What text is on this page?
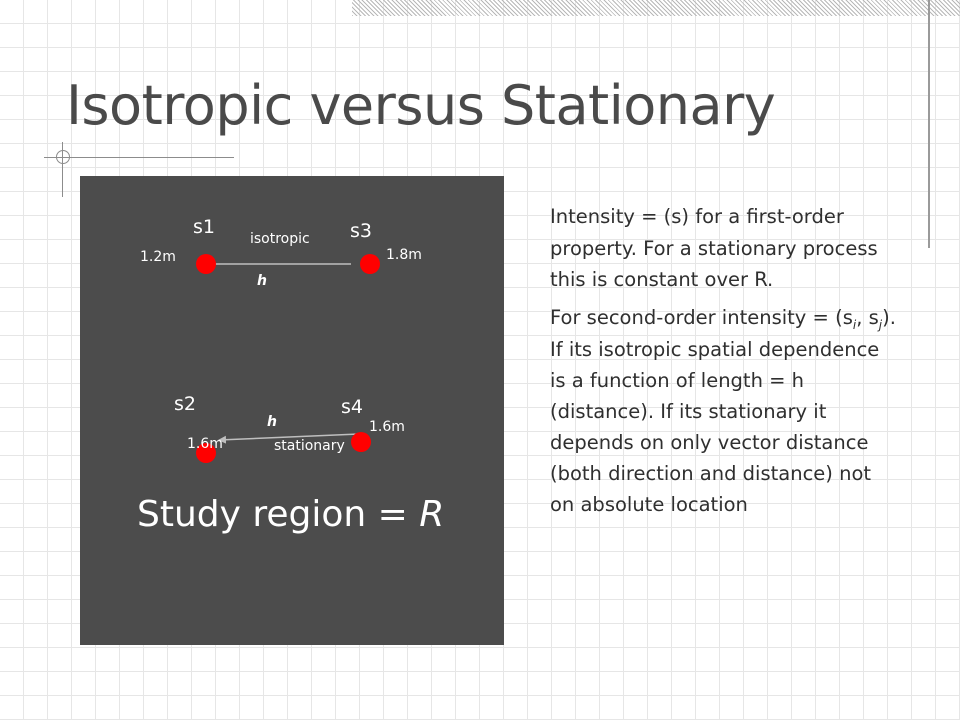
Isotropic versus Stationary
s1
1.2m
isotropic s3
1.8m
h
s2
1.6m
s4
1.6m
h
stationary
Study region = R

Intensity = (s) for a first-order property. For a stationary process this is constant over R.

For second-order intensity = ($s_i$, $s_j$). If its isotropic spatial dependence is a function of length = h (distance). If its stationary it depends on only vector distance (both direction and distance) not on absolute location
